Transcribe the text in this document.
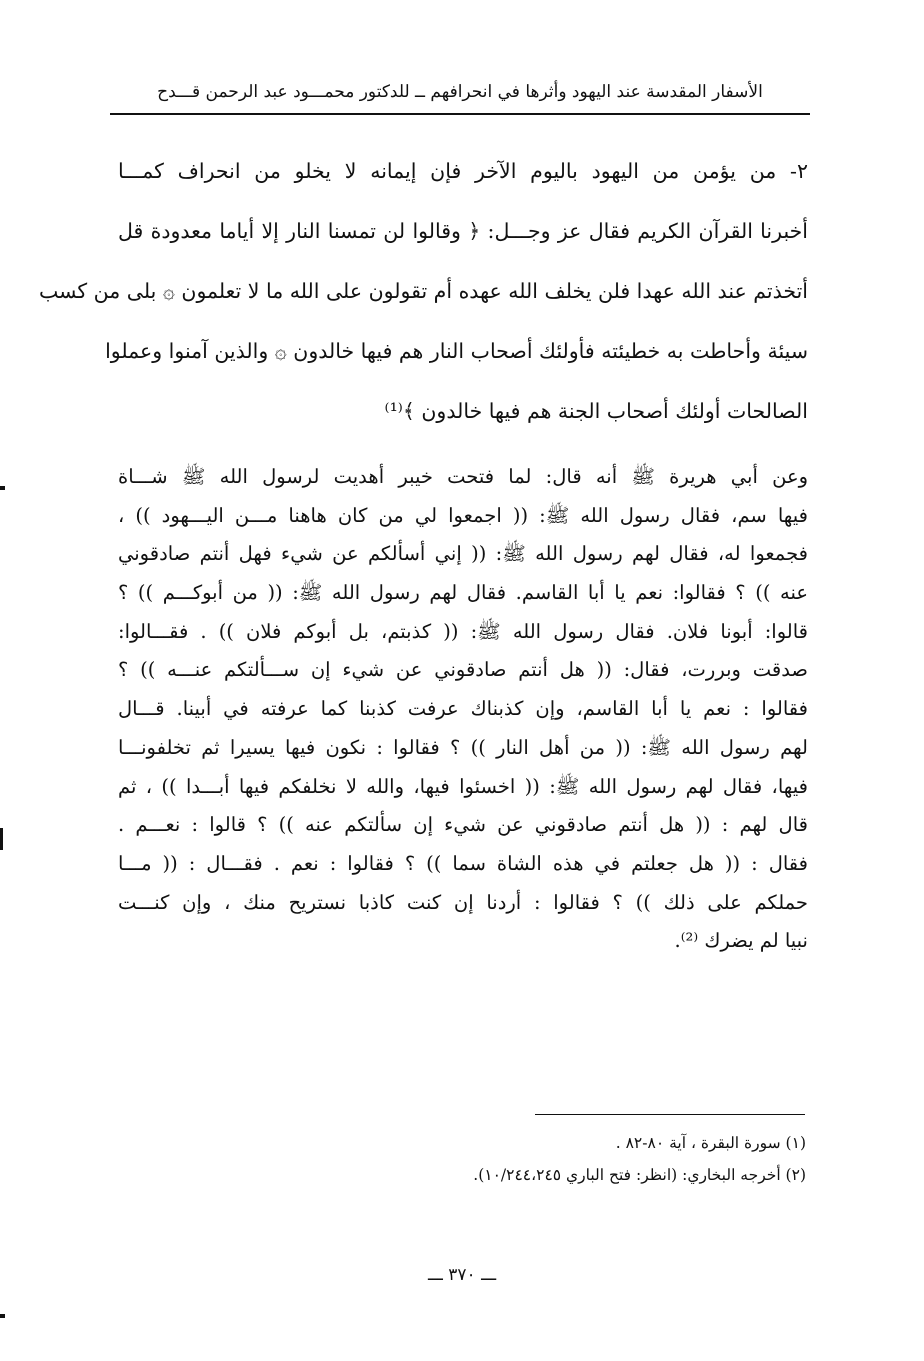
الأسفار المقدسة عند اليهود وأثرها في انحرافهم ــ للدكتور محمـــود عبد الرحمن قـــدح
٢- من يؤمن من اليهود باليوم الآخر فإن إيمانه لا يخلو من انحراف كمـــا
أخبرنا القرآن الكريم فقال عز وجـــل: ﴿ وقالوا لن تمسنا النار إلا أياما معدودة قل
أتخذتم عند الله عهدا فلن يخلف الله عهده أم تقولون على الله ما لا تعلمون ۞ بلى من كسب
سيئة وأحاطت به خطيئته فأولئك أصحاب النار هم فيها خالدون ۞ والذين آمنوا وعملوا
الصالحات أولئك أصحاب الجنة هم فيها خالدون ﴾⁽¹⁾
وعن أبي هريرة ﷺ أنه قال: لما فتحت خيبر أهديت لرسول الله ﷺ شـــاة
فيها سم، فقال رسول الله ﷺ: (( اجمعوا لي من كان هاهنا مـــن اليـــهود )) ،
فجمعوا له، فقال لهم رسول الله ﷺ: (( إني أسألكم عن شيء فهل أنتم صادقوني
عنه )) ؟ فقالوا: نعم يا أبا القاسم. فقال لهم رسول الله ﷺ: (( من أبوكـــم )) ؟
قالوا: أبونا فلان. فقال رسول الله ﷺ: (( كذبتم، بل أبوكم فلان )) . فقـــالوا:
صدقت وبررت، فقال: (( هل أنتم صادقوني عن شيء إن ســـألتكم عنـــه )) ؟
فقالوا : نعم يا أبا القاسم، وإن كذبناك عرفت كذبنا كما عرفته في أبينا. قـــال
لهم رسول الله ﷺ: (( من أهل النار )) ؟ فقالوا : نكون فيها يسيرا ثم تخلفونـــا
فيها، فقال لهم رسول الله ﷺ: (( اخسئوا فيها، والله لا نخلفكم فيها أبـــدا )) ، ثم
قال لهم : (( هل أنتم صادقوني عن شيء إن سألتكم عنه )) ؟ قالوا : نعـــم .
فقال : (( هل جعلتم في هذه الشاة سما )) ؟ فقالوا : نعم . فقـــال : (( مـــا
حملكم على ذلك )) ؟ فقالوا : أردنا إن كنت كاذبا نستريح منك ، وإن كنـــت
نبيا لم يضرك ⁽²⁾.
(١) سورة البقرة ، آية ٨٠-٨٢ .
(٢) أخرجه البخاري: (انظر: فتح الباري ١٠/٢٤٤،٢٤٥).
ـــ ٣٧٠ ـــ
